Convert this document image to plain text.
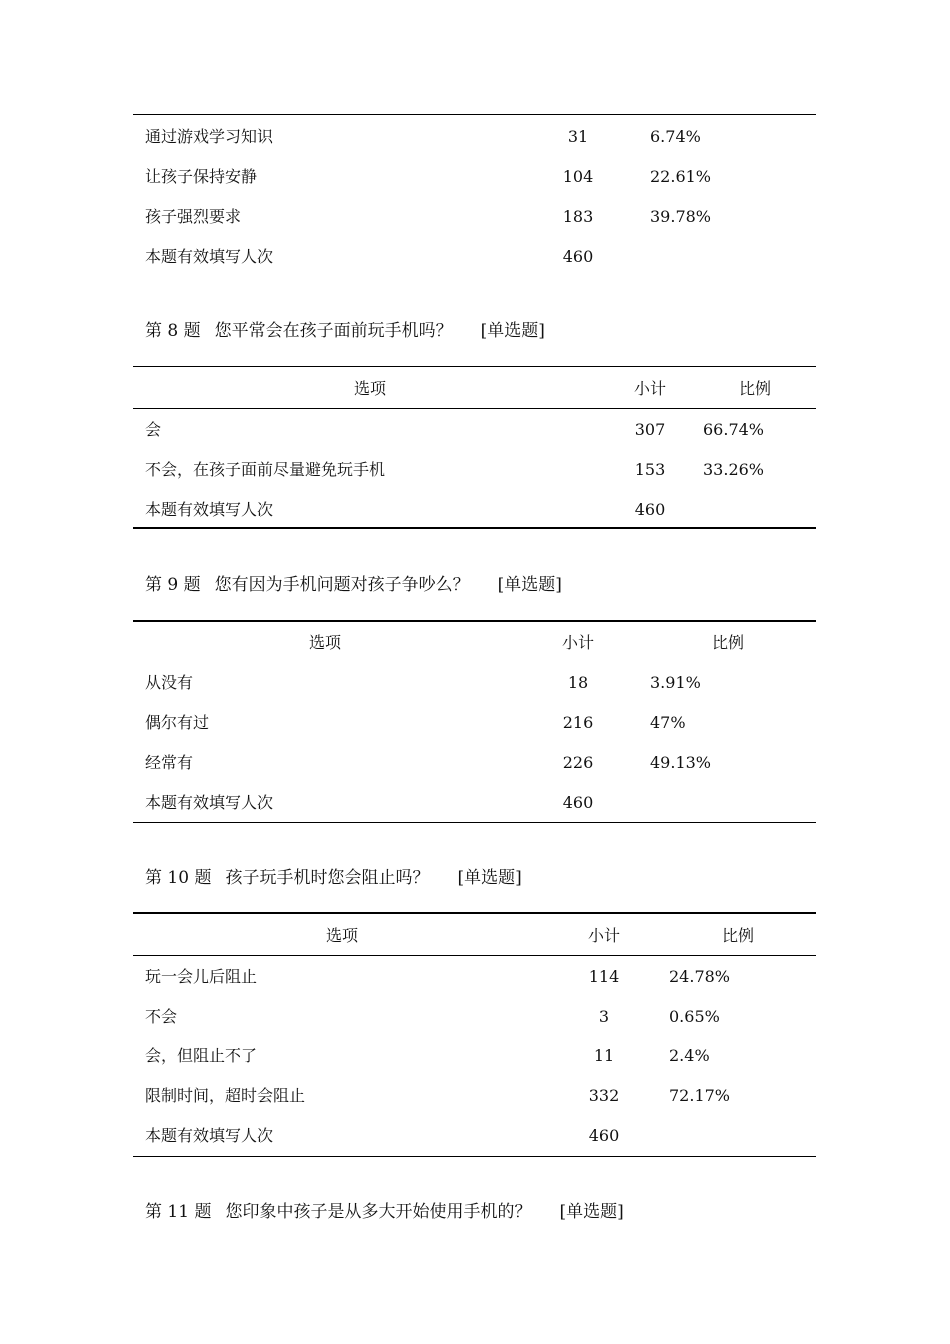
通过游戏学习知识	31	6.74%
让孩子保持安静	104	22.61%
孩子强烈要求	183	39.78%
本题有效填写人次	460
第 8 题 您平常会在孩子面前玩手机吗？ [单选题]
选项	小计	比例
会	307	66.74%
不会，在孩子面前尽量避免玩手机	153	33.26%
本题有效填写人次	460
第 9 题 您有因为手机问题对孩子争吵么？ [单选题]
选项	小计	比例
从没有	18	3.91%
偶尔有过	216	47%
经常有	226	49.13%
本题有效填写人次	460
第 10 题 孩子玩手机时您会阻止吗？ [单选题]
选项	小计	比例
玩一会儿后阻止	114	24.78%
不会	3	0.65%
会，但阻止不了	11	2.4%
限制时间，超时会阻止	332	72.17%
本题有效填写人次	460
第 11 题 您印象中孩子是从多大开始使用手机的？ [单选题]
